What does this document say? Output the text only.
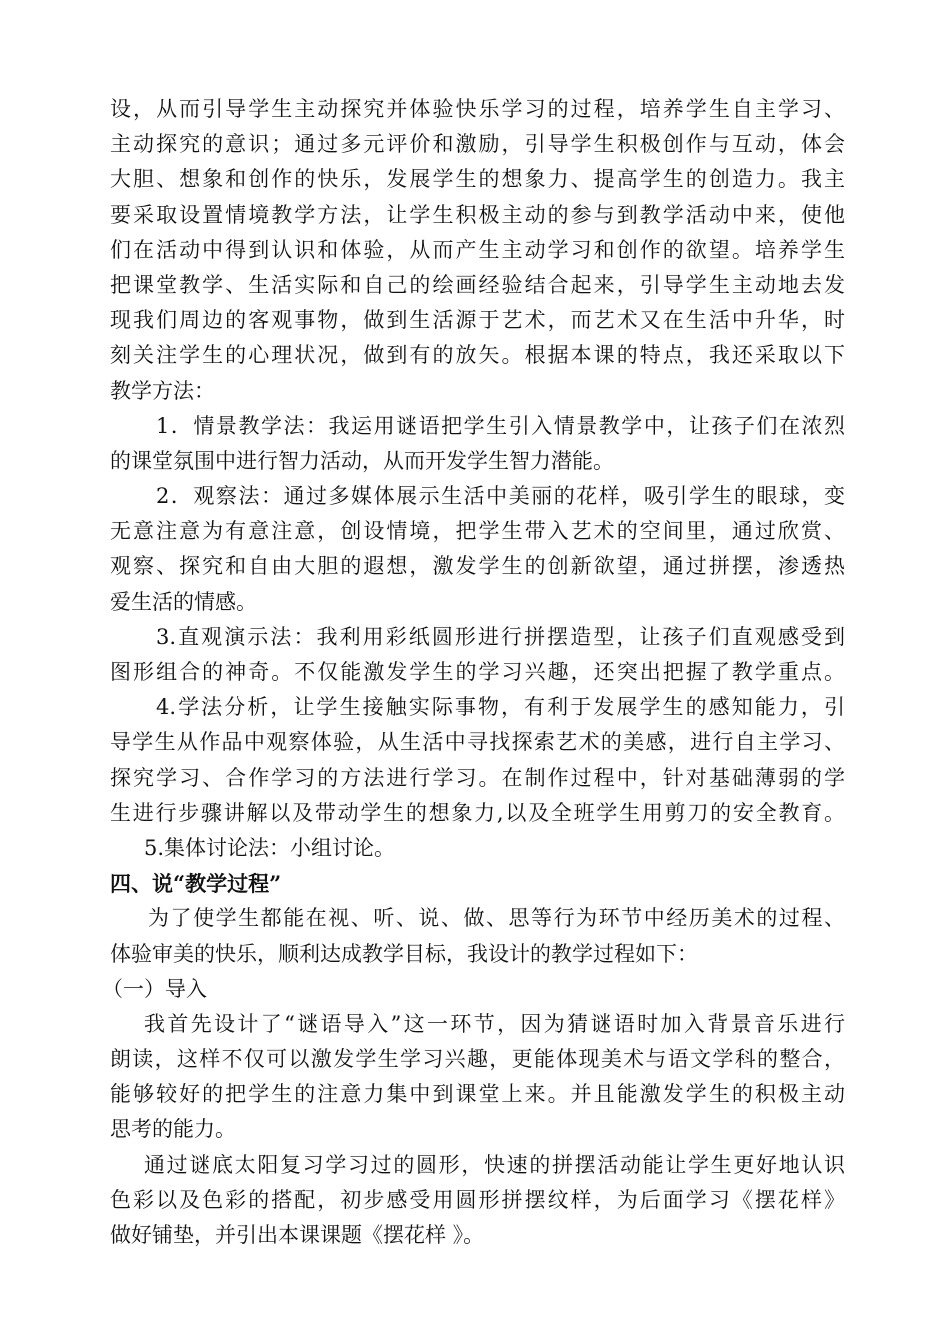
设，从而引导学生主动探究并体验快乐学习的过程，培养学生自主学习、
主动探究的意识；通过多元评价和激励，引导学生积极创作与互动，体会
大胆、想象和创作的快乐，发展学生的想象力、提高学生的创造力。我主
要采取设置情境教学方法，让学生积极主动的参与到教学活动中来，使他
们在活动中得到认识和体验，从而产生主动学习和创作的欲望。培养学生
把课堂教学、生活实际和自己的绘画经验结合起来，引导学生主动地去发
现我们周边的客观事物，做到生活源于艺术，而艺术又在生活中升华，时
刻关注学生的心理状况，做到有的放矢。根据本课的特点，我还采取以下
教学方法：
1．情景教学法：我运用谜语把学生引入情景教学中，让孩子们在浓烈
的课堂氛围中进行智力活动，从而开发学生智力潜能。
2．观察法：通过多媒体展示生活中美丽的花样，吸引学生的眼球，变
无意注意为有意注意，创设情境，把学生带入艺术的空间里，通过欣赏、
观察、探究和自由大胆的遐想，激发学生的创新欲望，通过拼摆，渗透热
爱生活的情感。
3.直观演示法：我利用彩纸圆形进行拼摆造型，让孩子们直观感受到
图形组合的神奇。不仅能激发学生的学习兴趣，还突出把握了教学重点。
4.学法分析，让学生接触实际事物，有利于发展学生的感知能力，引
导学生从作品中观察体验，从生活中寻找探索艺术的美感，进行自主学习、
探究学习、合作学习的方法进行学习。在制作过程中，针对基础薄弱的学
生进行步骤讲解以及带动学生的想象力,以及全班学生用剪刀的安全教育。
5.集体讨论法：小组讨论。
四、说“教学过程”
为了使学生都能在视、听、说、做、思等行为环节中经历美术的过程、
体验审美的快乐，顺利达成教学目标，我设计的教学过程如下：
（一）导入
我首先设计了“谜语导入”这一环节，因为猜谜语时加入背景音乐进行
朗读，这样不仅可以激发学生学习兴趣，更能体现美术与语文学科的整合，
能够较好的把学生的注意力集中到课堂上来。并且能激发学生的积极主动
思考的能力。
通过谜底太阳复习学习过的圆形，快速的拼摆活动能让学生更好地认识
色彩以及色彩的搭配，初步感受用圆形拼摆纹样，为后面学习《摆花样》
做好铺垫，并引出本课课题《摆花样 》。
